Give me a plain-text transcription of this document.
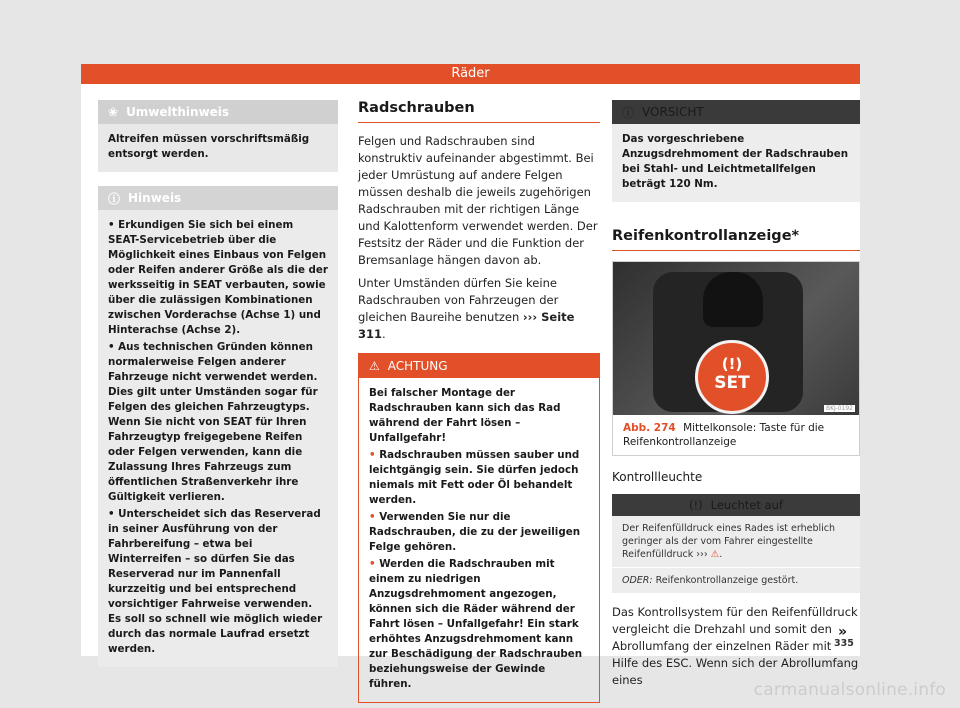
Räder
❀ Umwelthinweis

Altreifen müssen vorschriftsmäßig entsorgt werden.

ⓘ Hinweis

• Erkundigen Sie sich bei einem SEAT-Servicebetrieb über die Möglichkeit eines Einbaus von Felgen oder Reifen anderer Größe als die der werksseitig in SEAT verbauten, sowie über die zulässigen Kombinationen zwischen Vorderachse (Achse 1) und Hinterachse (Achse 2).

• Aus technischen Gründen können normalerweise Felgen anderer Fahrzeuge nicht verwendet werden. Dies gilt unter Umständen sogar für Felgen des gleichen Fahrzeugtyps. Wenn Sie nicht von SEAT für Ihren Fahrzeugtyp freigegebene Reifen oder Felgen verwenden, kann die Zulassung Ihres Fahrzeugs zum öffentlichen Straßenverkehr ihre Gültigkeit verlieren.

• Unterscheidet sich das Reserverad in seiner Ausführung von der Fahrbereifung – etwa bei Winterreifen – so dürfen Sie das Reserverad nur im Pannenfall kurzzeitig und bei entsprechend vorsichtiger Fahrweise verwenden. Es soll so schnell wie möglich wieder durch das normale Laufrad ersetzt werden.

Radschrauben

Felgen und Radschrauben sind konstruktiv aufeinander abgestimmt. Bei jeder Umrüstung auf andere Felgen müssen deshalb die jeweils zugehörigen Radschrauben mit der richtigen Länge und Kalottenform verwendet werden. Der Festsitz der Räder und die Funktion der Bremsanlage hängen davon ab.

Unter Umständen dürfen Sie keine Radschrauben von Fahrzeugen der gleichen Baureihe benutzen ››› Seite 311.

⚠ ACHTUNG

Bei falscher Montage der Radschrauben kann sich das Rad während der Fahrt lösen – Unfallgefahr!

• Radschrauben müssen sauber und leichtgängig sein. Sie dürfen jedoch niemals mit Fett oder Öl behandelt werden.

• Verwenden Sie nur die Radschrauben, die zu der jeweiligen Felge gehören.

• Werden die Radschrauben mit einem zu niedrigen Anzugsdrehmoment angezogen, können sich die Räder während der Fahrt lösen – Unfallgefahr! Ein stark erhöhtes Anzugsdrehmoment kann zur Beschädigung der Radschrauben beziehungsweise der Gewinde führen.

ⓘ VORSICHT

Das vorgeschriebene Anzugsdrehmoment der Radschrauben bei Stahl- und Leichtmetallfelgen beträgt 120 Nm.

Reifenkontrollanzeige*
(!)
SET
BKJ-0192
Abb. 274 Mittelkonsole: Taste für die Reifenkontrollanzeige
Kontrollleuchte
(!) Leuchtet auf
Der Reifenfülldruck eines Rades ist erheblich geringer als der vom Fahrer eingestellte Reifenfülldruck ››› ⚠.
ODER: Reifenkontrollanzeige gestört.

Das Kontrollsystem für den Reifenfülldruck vergleicht die Drehzahl und somit den Abrollumfang der einzelnen Räder mit Hilfe des ESC. Wenn sich der Abrollumfang eines

»
335
carmanualsonline.info
